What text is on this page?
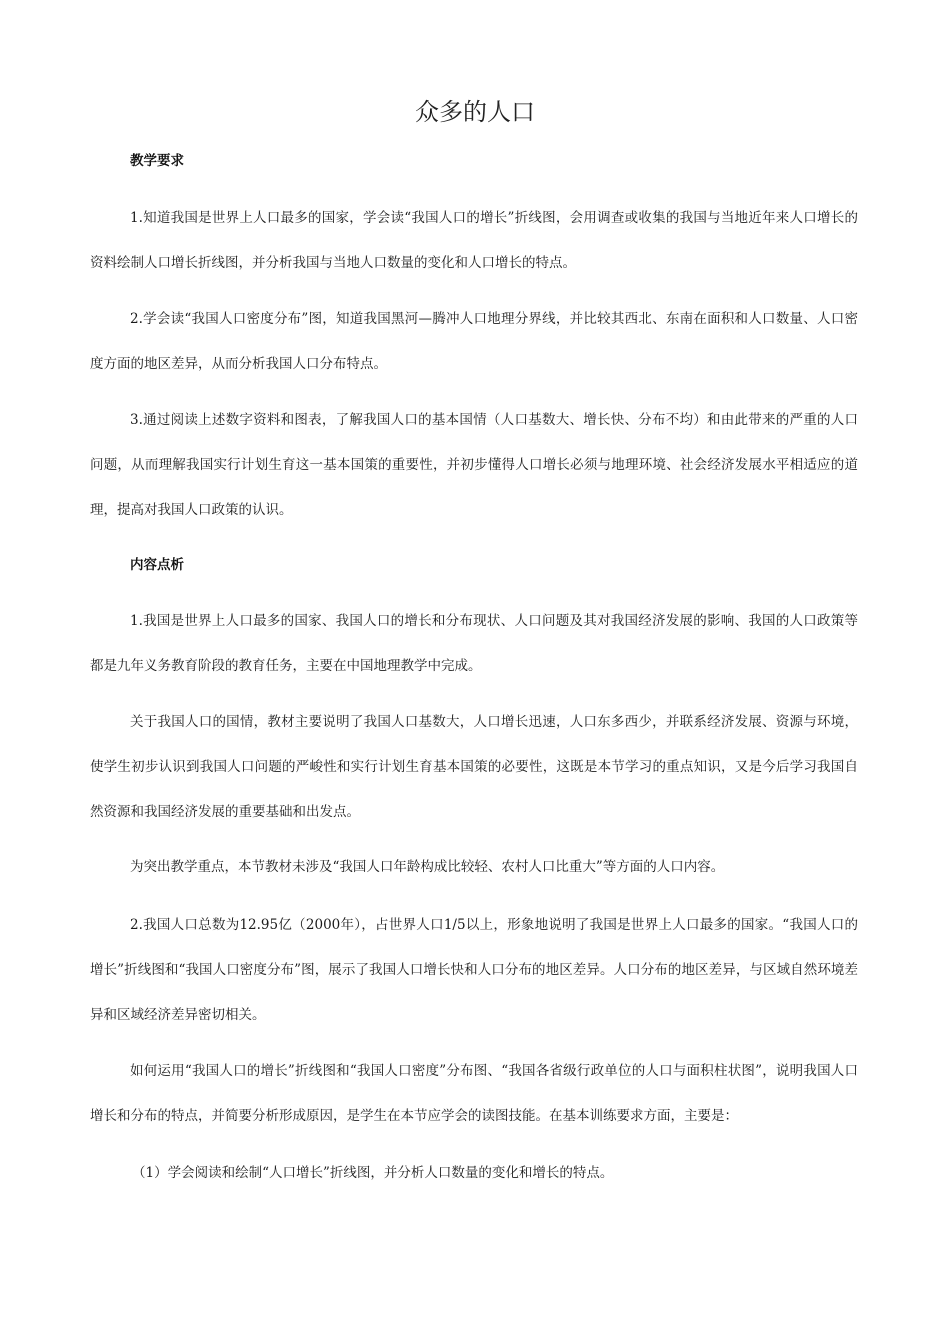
众多的人口
教学要求

1.知道我国是世界上人口最多的国家，学会读“我国人口的增长”折线图，会用调查或收集的我国与当地近年来人口增长的资料绘制人口增长折线图，并分析我国与当地人口数量的变化和人口增长的特点。

2.学会读“我国人口密度分布”图，知道我国黑河—腾冲人口地理分界线，并比较其西北、东南在面积和人口数量、人口密度方面的地区差异，从而分析我国人口分布特点。

3.通过阅读上述数字资料和图表，了解我国人口的基本国情（人口基数大、增长快、分布不均）和由此带来的严重的人口问题，从而理解我国实行计划生育这一基本国策的重要性，并初步懂得人口增长必须与地理环境、社会经济发展水平相适应的道理，提高对我国人口政策的认识。

内容点析

1.我国是世界上人口最多的国家、我国人口的增长和分布现状、人口问题及其对我国经济发展的影响、我国的人口政策等都是九年义务教育阶段的教育任务，主要在中国地理教学中完成。

关于我国人口的国情，教材主要说明了我国人口基数大，人口增长迅速，人口东多西少，并联系经济发展、资源与环境，使学生初步认识到我国人口问题的严峻性和实行计划生育基本国策的必要性，这既是本节学习的重点知识，又是今后学习我国自然资源和我国经济发展的重要基础和出发点。

为突出教学重点，本节教材未涉及“我国人口年龄构成比较轻、农村人口比重大”等方面的人口内容。

2.我国人口总数为12.95亿（2000年），占世界人口1/5以上，形象地说明了我国是世界上人口最多的国家。“我国人口的增长”折线图和“我国人口密度分布”图，展示了我国人口增长快和人口分布的地区差异。人口分布的地区差异，与区域自然环境差异和区域经济差异密切相关。

如何运用“我国人口的增长”折线图和“我国人口密度”分布图、“我国各省级行政单位的人口与面积柱状图”，说明我国人口增长和分布的特点，并简要分析形成原因，是学生在本节应学会的读图技能。在基本训练要求方面，主要是：

（1）学会阅读和绘制“人口增长”折线图，并分析人口数量的变化和增长的特点。
